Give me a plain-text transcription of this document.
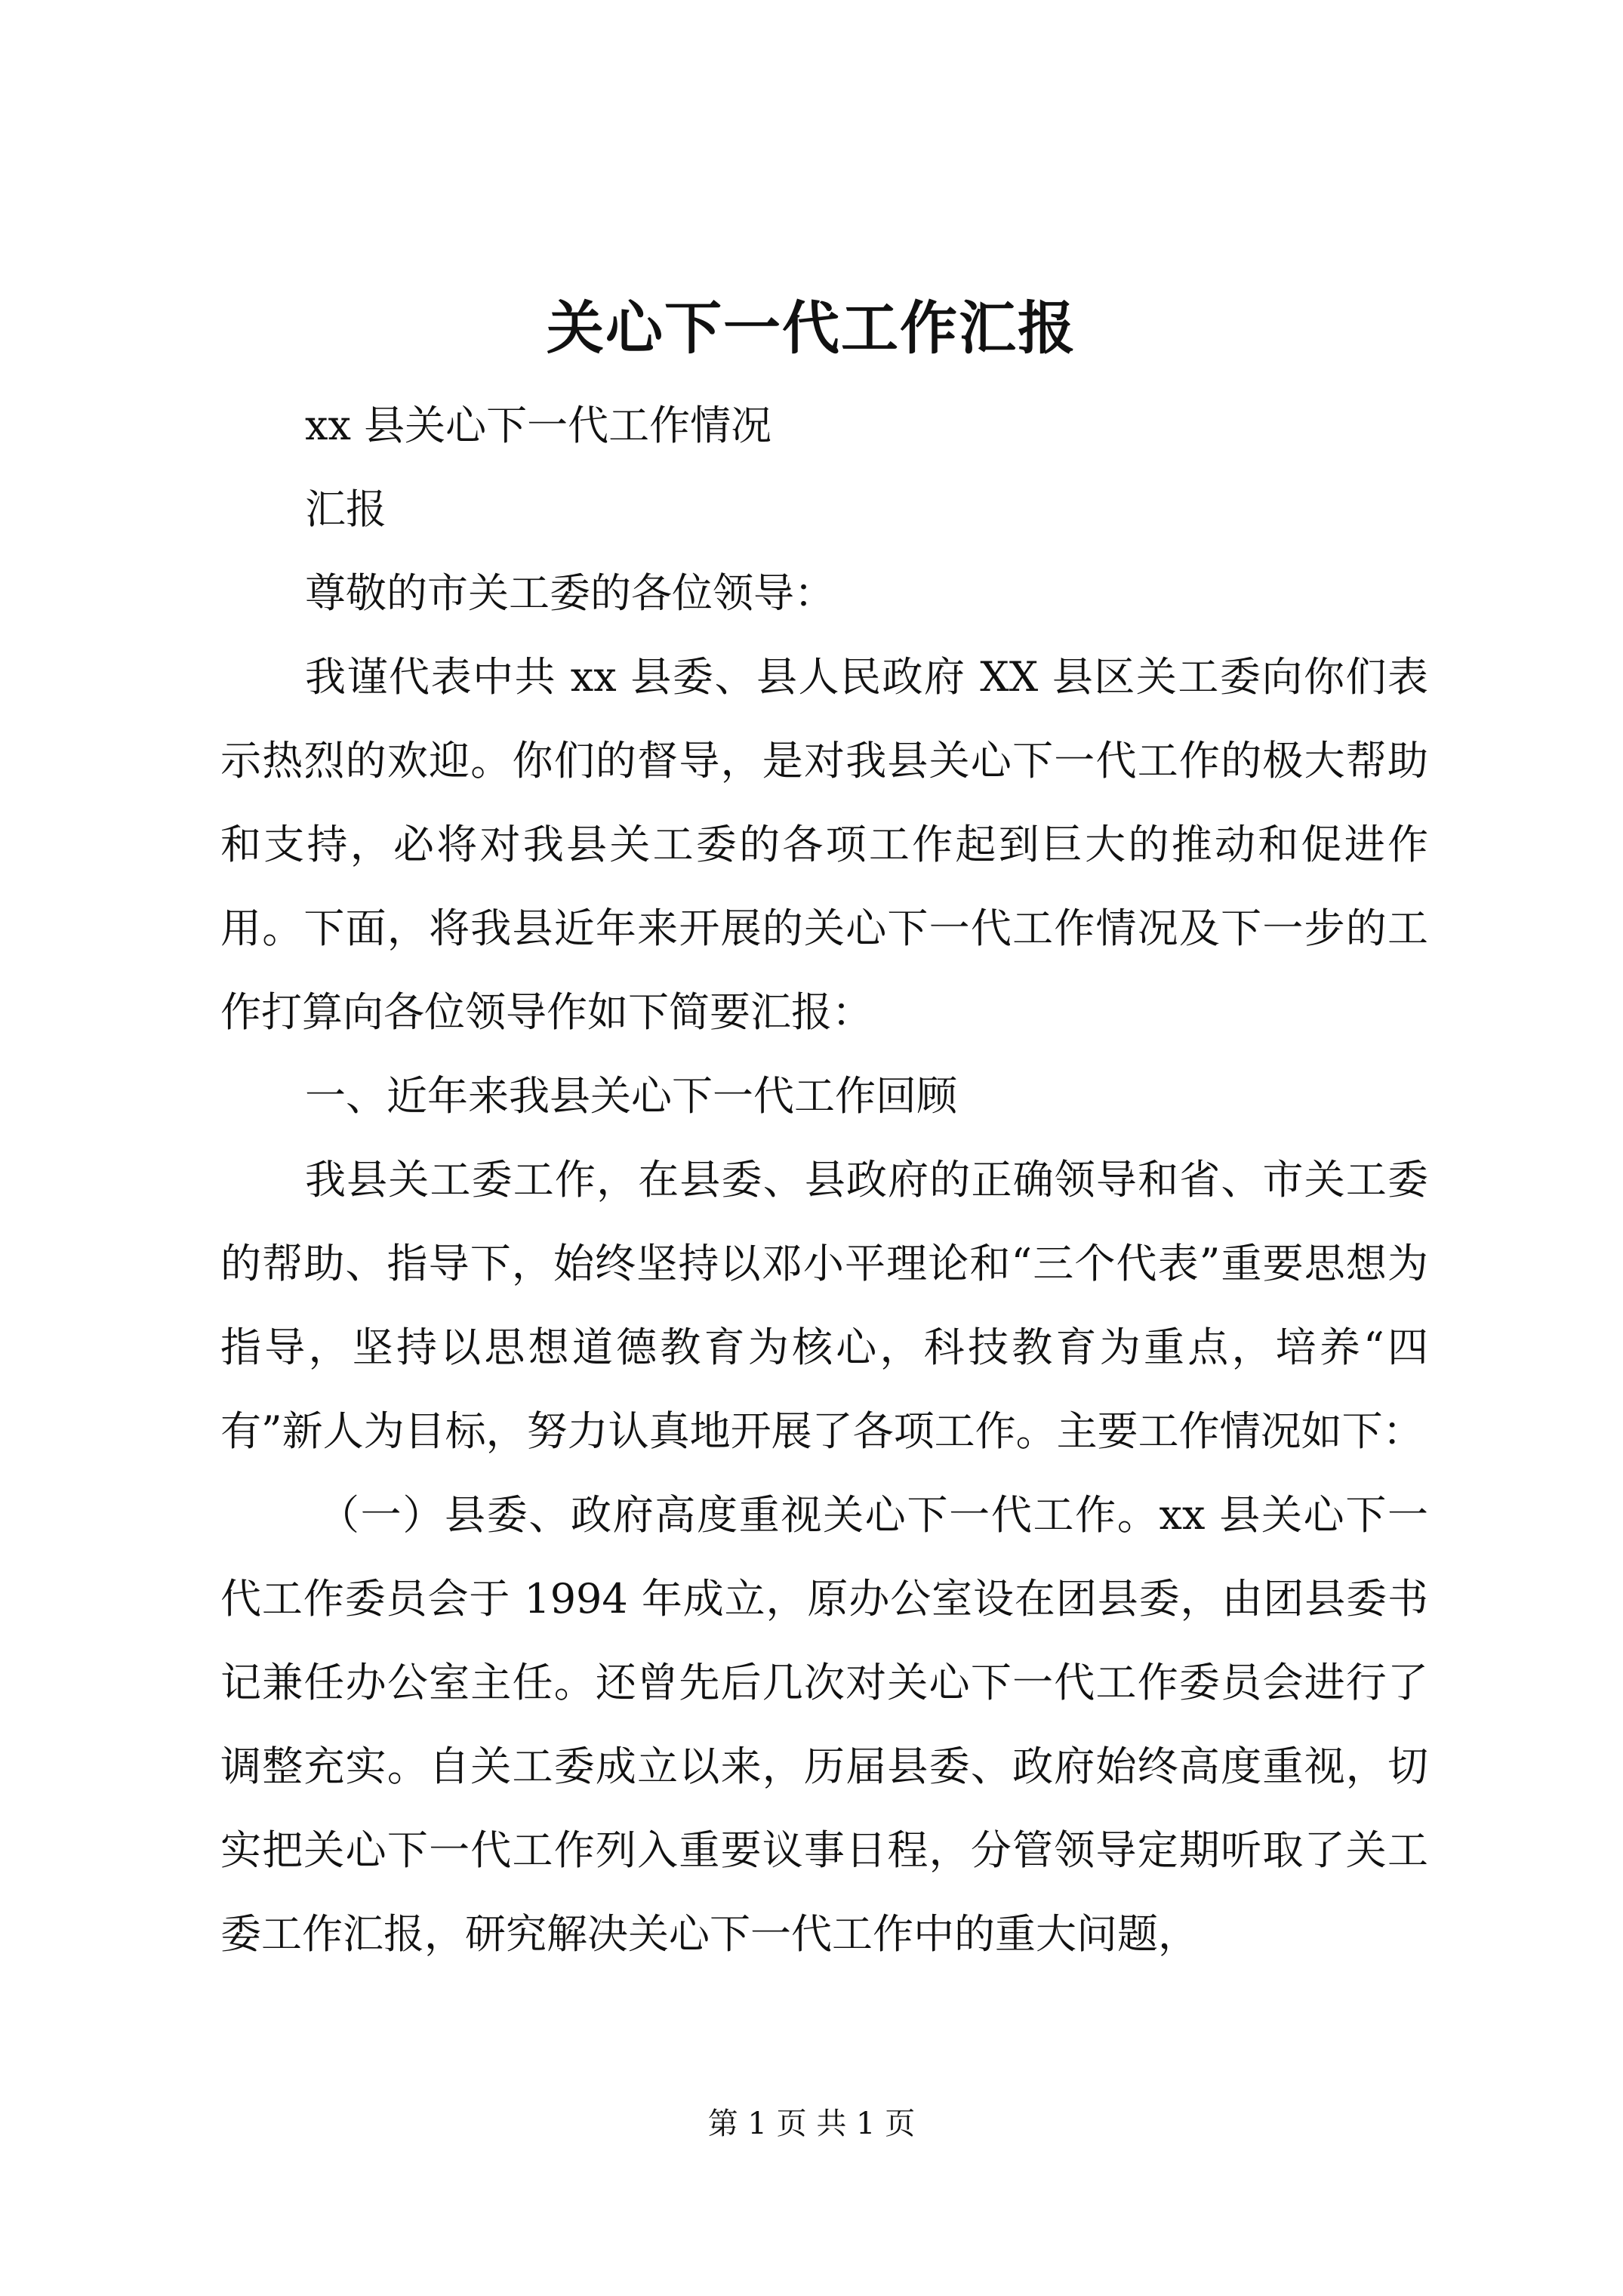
关心下一代工作汇报

xx 县关心下一代工作情况

汇报

尊敬的市关工委的各位领导：

我谨代表中共 xx 县委、县人民政府 XX 县区关工委向你们表示热烈的欢迎。你们的督导，是对我县关心下一代工作的极大帮助和支持，必将对我县关工委的各项工作起到巨大的推动和促进作用。下面，将我县近年来开展的关心下一代工作情况及下一步的工作打算向各位领导作如下简要汇报：

一、近年来我县关心下一代工作回顾

我县关工委工作，在县委、县政府的正确领导和省、市关工委的帮助、指导下，始终坚持以邓小平理论和“三个代表”重要思想为指导，坚持以思想道德教育为核心，科技教育为重点，培养“四有”新人为目标，努力认真地开展了各项工作。主要工作情况如下：

（一）县委、政府高度重视关心下一代工作。xx 县关心下一代工作委员会于 1994 年成立，原办公室设在团县委，由团县委书记兼任办公室主任。还曾先后几次对关心下一代工作委员会进行了调整充实。自关工委成立以来，历届县委、政府始终高度重视，切实把关心下一代工作列入重要议事日程，分管领导定期听取了关工委工作汇报，研究解决关心下一代工作中的重大问题，

第 1 页 共 1 页
